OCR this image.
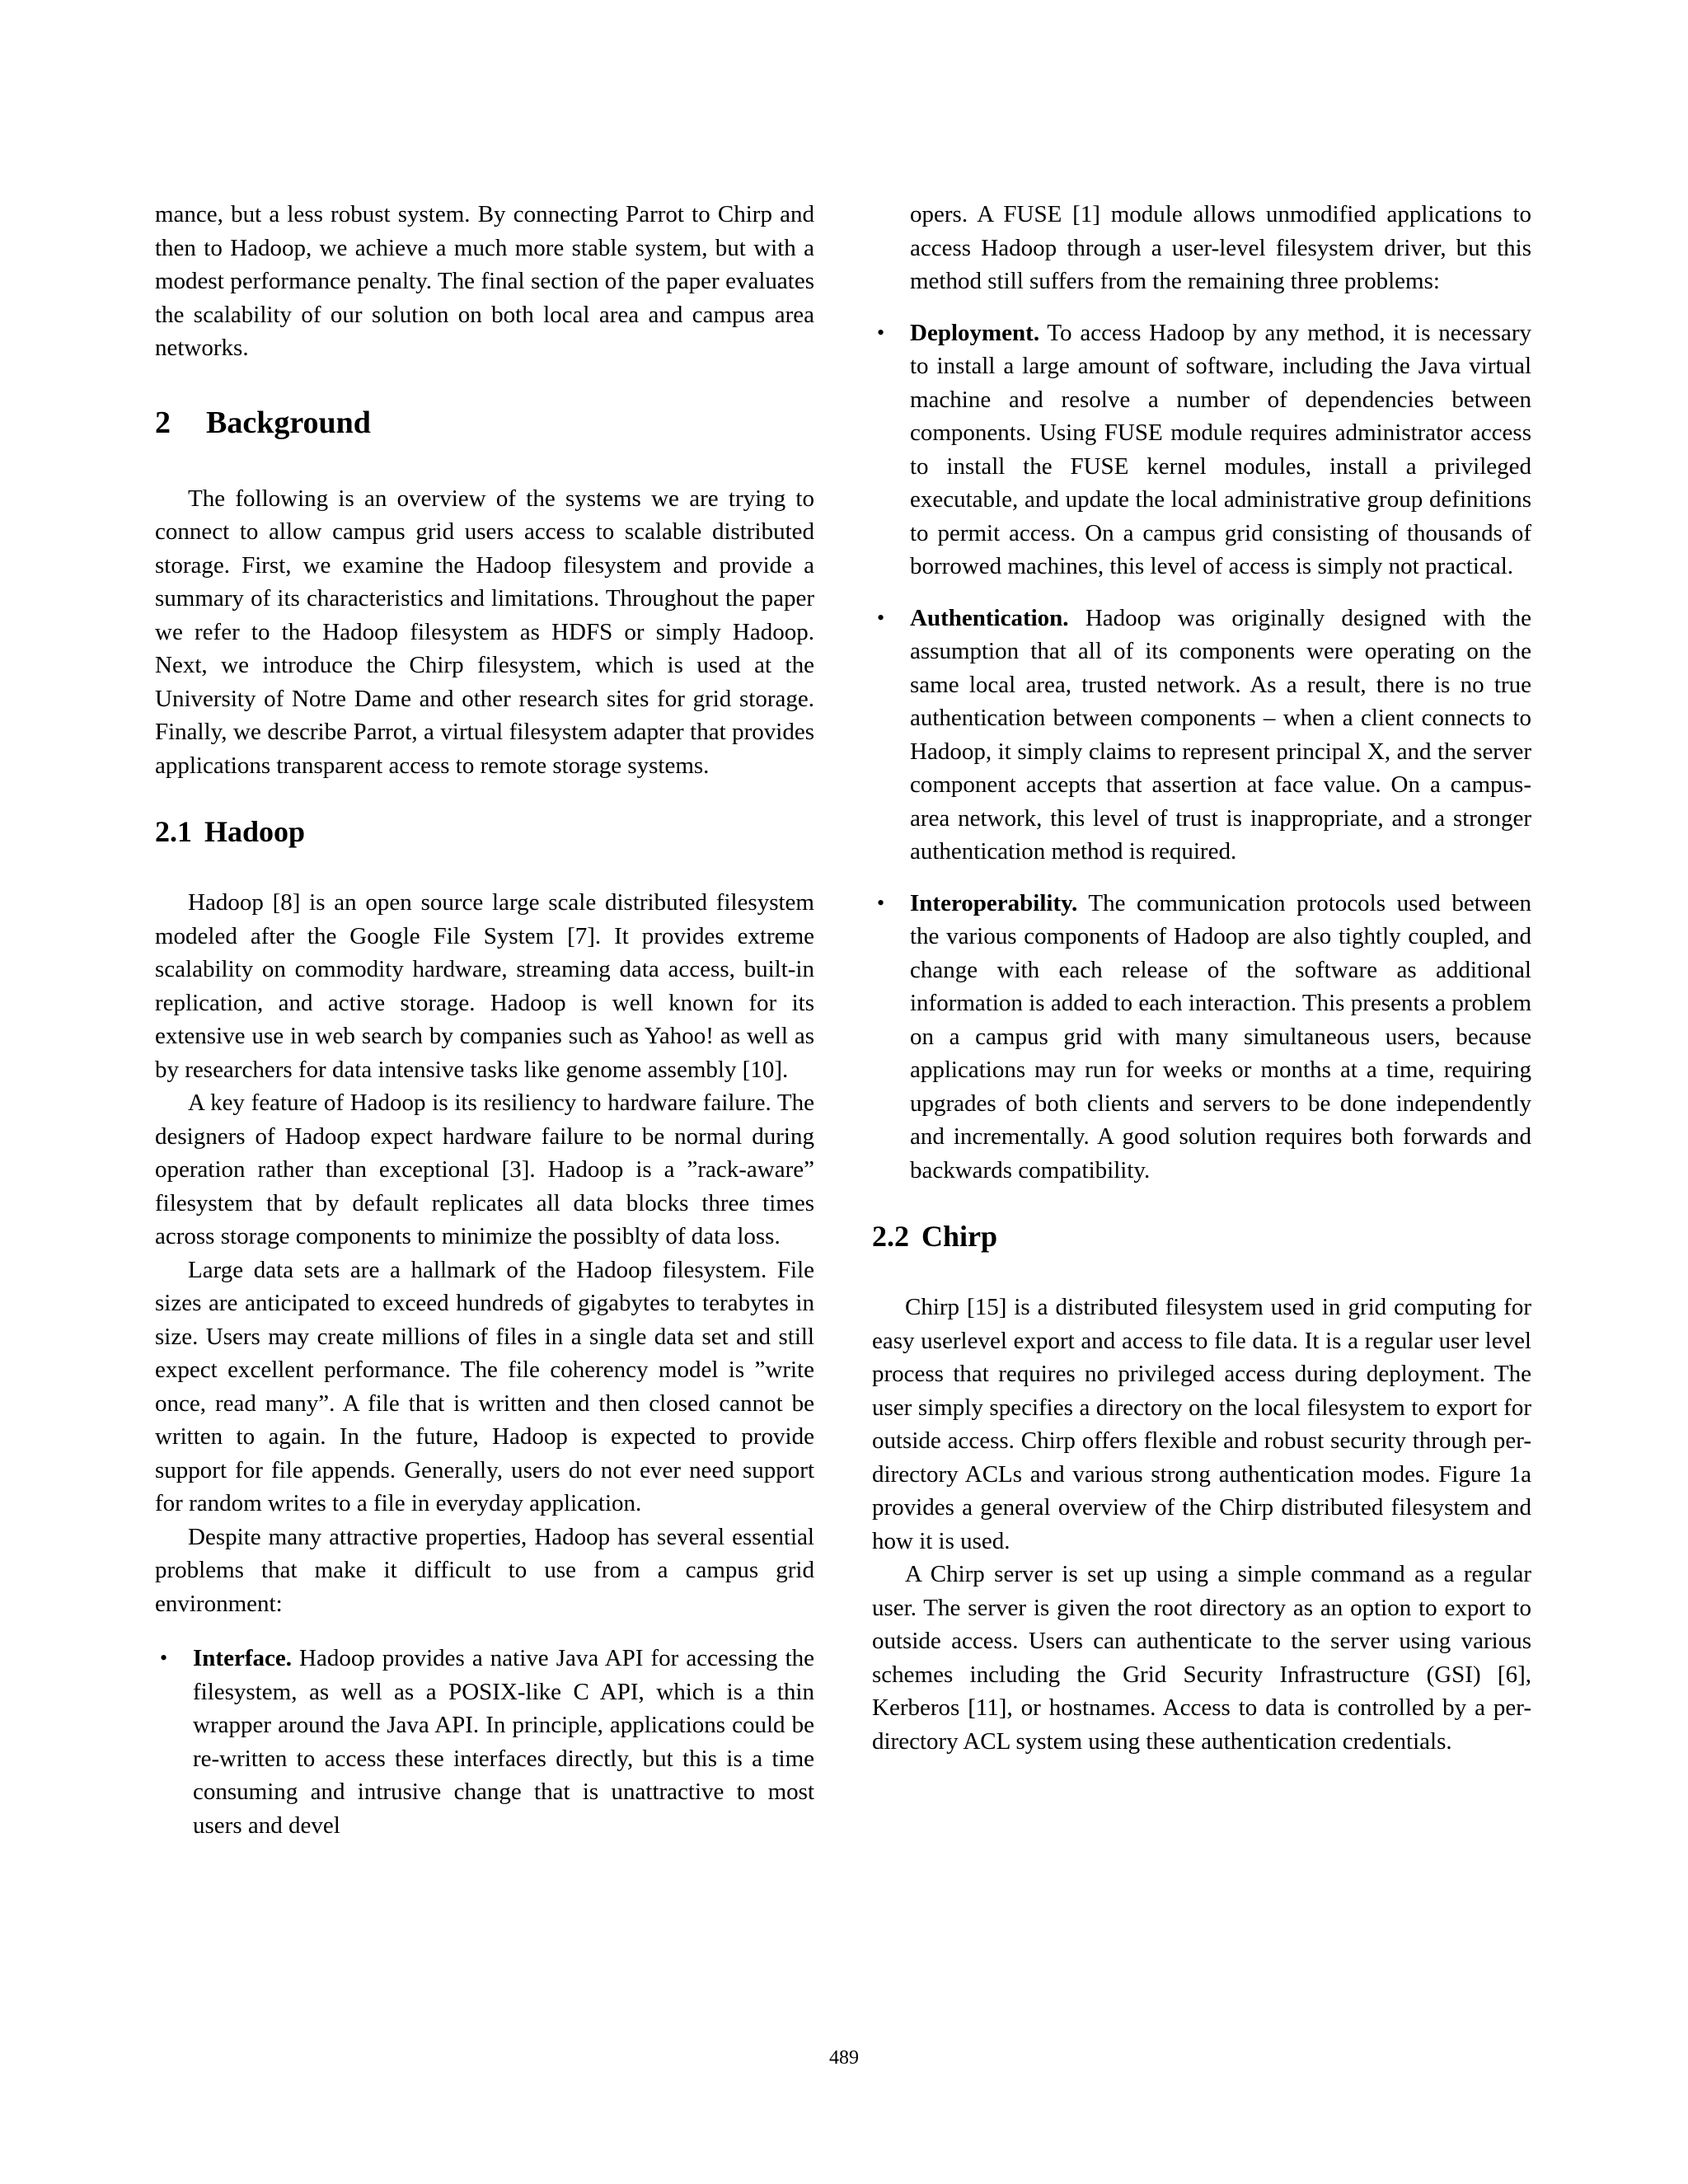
mance, but a less robust system. By connecting Parrot to Chirp and then to Hadoop, we achieve a much more stable system, but with a modest performance penalty. The final section of the paper evaluates the scalability of our solution on both local area and campus area networks.

2 Background

The following is an overview of the systems we are trying to connect to allow campus grid users access to scalable distributed storage. First, we examine the Hadoop filesystem and provide a summary of its characteristics and limitations. Throughout the paper we refer to the Hadoop filesystem as HDFS or simply Hadoop. Next, we introduce the Chirp filesystem, which is used at the University of Notre Dame and other research sites for grid storage. Finally, we describe Parrot, a virtual filesystem adapter that provides applications transparent access to remote storage systems.

2.1 Hadoop

Hadoop [8] is an open source large scale distributed filesystem modeled after the Google File System [7]. It provides extreme scalability on commodity hardware, streaming data access, built-in replication, and active storage. Hadoop is well known for its extensive use in web search by companies such as Yahoo! as well as by researchers for data intensive tasks like genome assembly [10].

A key feature of Hadoop is its resiliency to hardware failure. The designers of Hadoop expect hardware failure to be normal during operation rather than exceptional [3]. Hadoop is a ”rack-aware” filesystem that by default replicates all data blocks three times across storage components to minimize the possiblty of data loss.

Large data sets are a hallmark of the Hadoop filesystem. File sizes are anticipated to exceed hundreds of gigabytes to terabytes in size. Users may create millions of files in a single data set and still expect excellent performance. The file coherency model is ”write once, read many”. A file that is written and then closed cannot be written to again. In the future, Hadoop is expected to provide support for file appends. Generally, users do not ever need support for random writes to a file in everyday application.

Despite many attractive properties, Hadoop has several essential problems that make it difficult to use from a campus grid environment:

• Interface. Hadoop provides a native Java API for accessing the filesystem, as well as a POSIX-like C API, which is a thin wrapper around the Java API. In principle, applications could be re-written to access these interfaces directly, but this is a time consuming and intrusive change that is unattractive to most users and devel

opers. A FUSE [1] module allows unmodified applications to access Hadoop through a user-level filesystem driver, but this method still suffers from the remaining three problems:

• Deployment. To access Hadoop by any method, it is necessary to install a large amount of software, including the Java virtual machine and resolve a number of dependencies between components. Using FUSE module requires administrator access to install the FUSE kernel modules, install a privileged executable, and update the local administrative group definitions to permit access. On a campus grid consisting of thousands of borrowed machines, this level of access is simply not practical.

• Authentication. Hadoop was originally designed with the assumption that all of its components were operating on the same local area, trusted network. As a result, there is no true authentication between components – when a client connects to Hadoop, it simply claims to represent principal X, and the server component accepts that assertion at face value. On a campus-area network, this level of trust is inappropriate, and a stronger authentication method is required.

• Interoperability. The communication protocols used between the various components of Hadoop are also tightly coupled, and change with each release of the software as additional information is added to each interaction. This presents a problem on a campus grid with many simultaneous users, because applications may run for weeks or months at a time, requiring upgrades of both clients and servers to be done independently and incrementally. A good solution requires both forwards and backwards compatibility.

2.2 Chirp

Chirp [15] is a distributed filesystem used in grid computing for easy userlevel export and access to file data. It is a regular user level process that requires no privileged access during deployment. The user simply specifies a directory on the local filesystem to export for outside access. Chirp offers flexible and robust security through per-directory ACLs and various strong authentication modes. Figure 1a provides a general overview of the Chirp distributed filesystem and how it is used.

A Chirp server is set up using a simple command as a regular user. The server is given the root directory as an option to export to outside access. Users can authenticate to the server using various schemes including the Grid Security Infrastructure (GSI) [6], Kerberos [11], or hostnames. Access to data is controlled by a per-directory ACL system using these authentication credentials.

489
